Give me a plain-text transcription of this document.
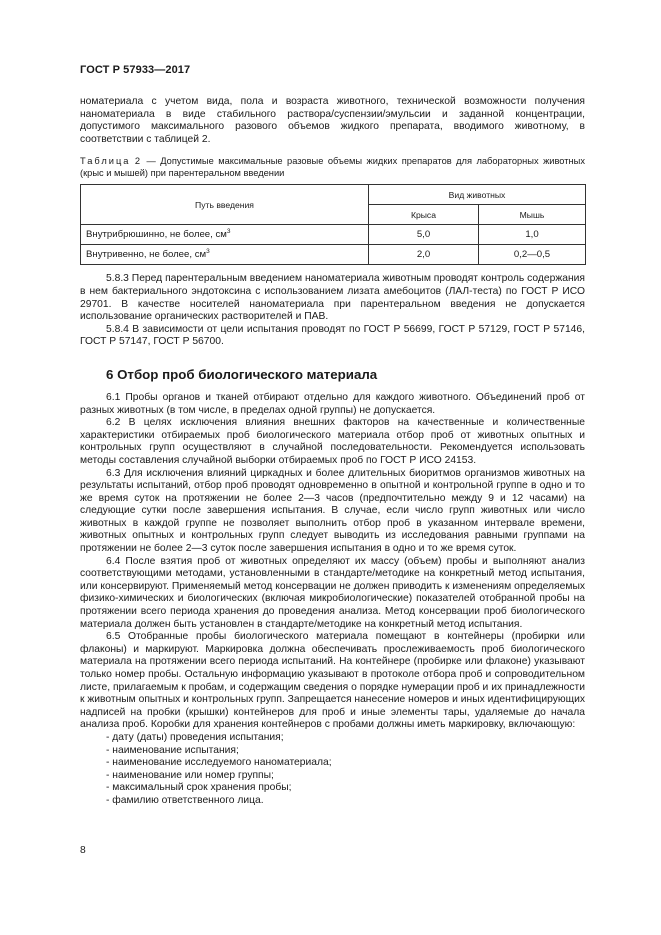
ГОСТ Р 57933—2017

номатериала с учетом вида, пола и возраста животного, технической возможности получения наноматериала в виде стабильного раствора/суспензии/эмульсии и заданной концентрации, допустимого максимального разового объемов жидкого препарата, вводимого животному, в соответствии с таблицей 2.

Таблица 2 — Допустимые максимальные разовые объемы жидких препаратов для лабораторных животных (крыс и мышей) при парентеральном введении

Путь введения	Вид животных	
	Крыса	Мышь
Внутрибрюшинно, не более, $см^3$	5,0	1,0
Внутривенно, не более, $см^3$	2,0	0,2—0,5

5.8.3 Перед парентеральным введением наноматериала животным проводят контроль содержания в нем бактериального эндотоксина с использованием лизата амебоцитов (ЛАЛ-теста) по ГОСТ Р ИСО 29701. В качестве носителей наноматериала при парентеральном введения не допускается использование органических растворителей и ПАВ.

5.8.4 В зависимости от цели испытания проводят по ГОСТ Р 56699, ГОСТ Р 57129, ГОСТ Р 57146, ГОСТ Р 57147, ГОСТ Р 56700.

6 Отбор проб биологического материала

6.1 Пробы органов и тканей отбирают отдельно для каждого животного. Объединений проб от разных животных (в том числе, в пределах одной группы) не допускается.

6.2 В целях исключения влияния внешних факторов на качественные и количественные характеристики отбираемых проб биологического материала отбор проб от животных опытных и контрольных групп осуществляют в случайной последовательности. Рекомендуется использовать методы составления случайной выборки отбираемых проб по ГОСТ Р ИСО 24153.

6.3 Для исключения влияний циркадных и более длительных биоритмов организмов животных на результаты испытаний, отбор проб проводят одновременно в опытной и контрольной группе в одно и то же время суток на протяжении не более 2—3 часов (предпочтительно между 9 и 12 часами) на следующие сутки после завершения испытания. В случае, если число групп животных или число животных в каждой группе не позволяет выполнить отбор проб в указанном интервале времени, животных опытных и контрольных групп следует выводить из исследования равными группами на протяжении не более 2—3 суток после завершения испытания в одно и то же время суток.

6.4 После взятия проб от животных определяют их массу (объем) пробы и выполняют анализ соответствующими методами, установленными в стандарте/методике на конкретный метод испытания, или консервируют. Применяемый метод консервации не должен приводить к изменениям определяемых физико-химических и биологических (включая микробиологические) показателей отобранной пробы на протяжении всего периода хранения до проведения анализа. Метод консервации проб биологического материала должен быть установлен в стандарте/методике на конкретный метод испытания.

6.5 Отобранные пробы биологического материала помещают в контейнеры (пробирки или флаконы) и маркируют. Маркировка должна обеспечивать прослеживаемость проб биологического материала на протяжении всего периода испытаний. На контейнере (пробирке или флаконе) указывают только номер пробы. Остальную информацию указывают в протоколе отбора проб и сопроводительном листе, прилагаемым к пробам, и содержащим сведения о порядке нумерации проб и их принадлежности к животным опытных и контрольных групп. Запрещается нанесение номеров и иных идентифицирующих надписей на пробки (крышки) контейнеров для проб и иные элементы тары, удаляемые до начала анализа проб. Коробки для хранения контейнеров с пробами должны иметь маркировку, включающую:

- дату (даты) проведения испытания;
- наименование испытания;
- наименование исследуемого наноматериала;
- наименование или номер группы;
- максимальный срок хранения пробы;
- фамилию ответственного лица.
8
